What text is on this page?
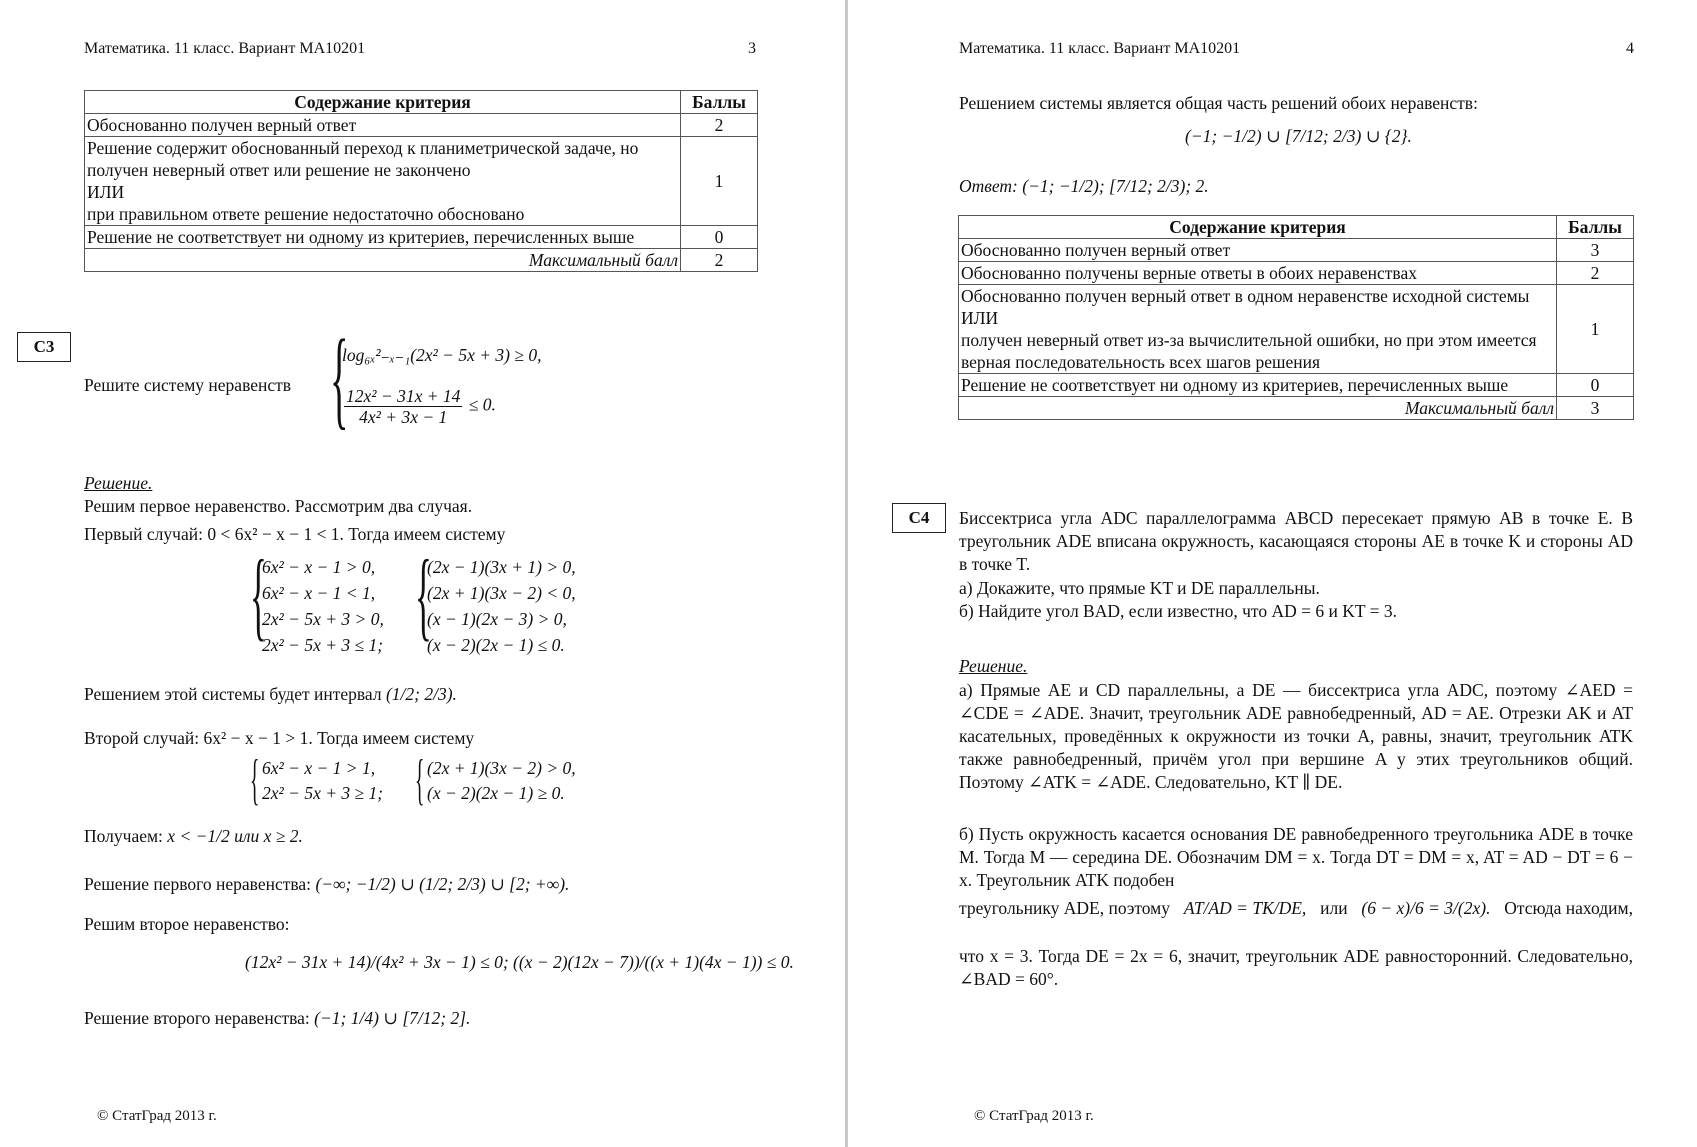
Математика. 11 класс. Вариант МА10201	3
Содержание критерия	Баллы
Обоснованно получен верный ответ	2
Решение содержит обоснованный переход к планиметрической задаче, но получен неверный ответ или решение не закончено
ИЛИ
при правильном ответе решение недостаточно обосновано	1
Решение не соответствует ни одному из критериев, перечисленных выше	0
Максимальный балл	2
С3
Решите систему неравенств {
log₆ₓ²₋ₓ₋₁(2x² − 5x + 3) ≥ 0,
$\frac{\text{12x² − 31x + 14}}{\text{4x² + 3x − 1}} \le 0$.
Решение.
Решим первое неравенство. Рассмотрим два случая.
Первый случай: 0 < 6x² − x − 1 < 1. Тогда имеем систему
{
6x² − x − 1 > 0,
6x² − x − 1 < 1,
2x² − 5x + 3 > 0,
2x² − 5x + 3 ≤ 1; {
(2x − 1)(3x + 1) > 0,
(2x + 1)(3x − 2) < 0,
(x − 1)(2x − 3) > 0,
(x − 2)(2x − 1) ≤ 0.
Решением этой системы будет интервал (1/2; 2/3).
Второй случай: 6x² − x − 1 > 1. Тогда имеем систему
{ 6x² − x − 1 > 1,
2x² − 5x + 3 ≥ 1; { (2x + 1)(3x − 2) > 0,
(x − 2)(2x − 1) ≥ 0.
Получаем: x < −1/2 или x ≥ 2.
Решение первого неравенства: (−∞; −1/2) ∪ (1/2; 2/3) ∪ [2; +∞).
Решим второе неравенство:
(12x² − 31x + 14)/(4x² + 3x − 1) ≤ 0; ((x − 2)(12x − 7))/((x + 1)(4x − 1)) ≤ 0.
Решение второго неравенства: (−1; 1/4) ∪ [7/12; 2].
© СтатГрад 2013 г.
Математика. 11 класс. Вариант МА10201	4
Решением системы является общая часть решений обоих неравенств:
(−1; −1/2) ∪ [7/12; 2/3) ∪ {2}.
Ответ: (−1; −1/2); [7/12; 2/3); 2.
Содержание критерия	Баллы
Обоснованно получен верный ответ	3
Обоснованно получены верные ответы в обоих неравенствах	2
Обоснованно получен верный ответ в одном неравенстве исходной системы
ИЛИ
получен неверный ответ из-за вычислительной ошибки, но при этом имеется верная последовательность всех шагов решения	1
Решение не соответствует ни одному из критериев, перечисленных выше	0
Максимальный балл	3
С4	Биссектриса угла ADC параллелограмма ABCD пересекает прямую AB в точке E. В треугольник ADE вписана окружность, касающаяся стороны AE в точке K и стороны AD в точке T.
а) Докажите, что прямые KT и DE параллельны.
б) Найдите угол BAD, если известно, что AD = 6 и KT = 3.
Решение.
а) Прямые AE и CD параллельны, а DE — биссектриса угла ADC, поэтому ∠AED = ∠CDE = ∠ADE. Значит, треугольник ADE равнобедренный, AD = AE. Отрезки AK и AT касательных, проведённых к окружности из точки A, равны, значит, треугольник ATK также равнобедренный, причём угол при вершине A у этих треугольников общий. Поэтому ∠ATK = ∠ADE. Следовательно, KT ∥ DE.
б) Пусть окружность касается основания DE равнобедренного треугольника ADE в точке M. Тогда M — середина DE. Обозначим DM = x. Тогда DT = DM = x, AT = AD − DT = 6 − x. Треугольник ATK подобен
треугольнику ADE, поэтому AT/AD = TK/DE, или (6 − x)/6 = 3/(2x). Отсюда находим,
что x = 3. Тогда DE = 2x = 6, значит, треугольник ADE равносторонний. Следовательно, ∠BAD = 60°.
© СтатГрад 2013 г.
